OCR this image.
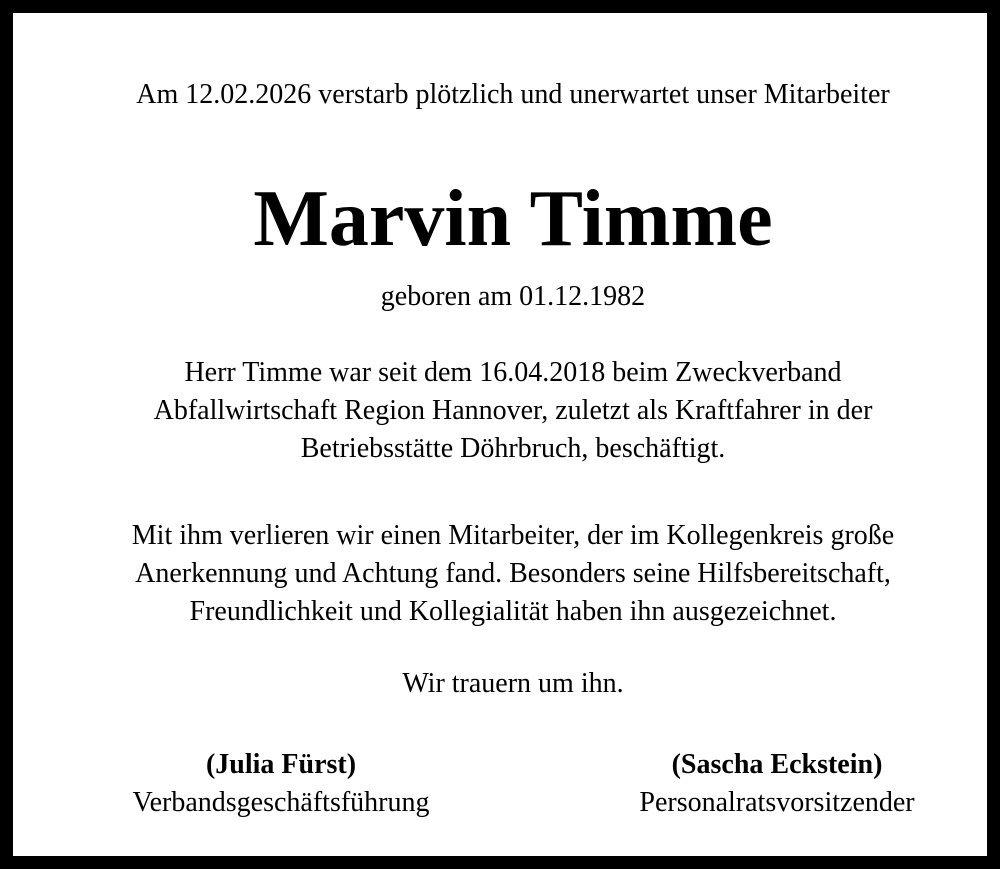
Am 12.02.2026 verstarb plötzlich und unerwartet unser Mitarbeiter
Marvin Timme
geboren am 01.12.1982
Herr Timme war seit dem 16.04.2018 beim Zweckverband
Abfallwirtschaft Region Hannover, zuletzt als Kraftfahrer in der
Betriebsstätte Döhrbruch, beschäftigt.
Mit ihm verlieren wir einen Mitarbeiter, der im Kollegenkreis große
Anerkennung und Achtung fand. Besonders seine Hilfsbereitschaft,
Freundlichkeit und Kollegialität haben ihn ausgezeichnet.
Wir trauern um ihn.
(Julia Fürst)
Verbandsgeschäftsführung
(Sascha Eckstein)
Personalratsvorsitzender
